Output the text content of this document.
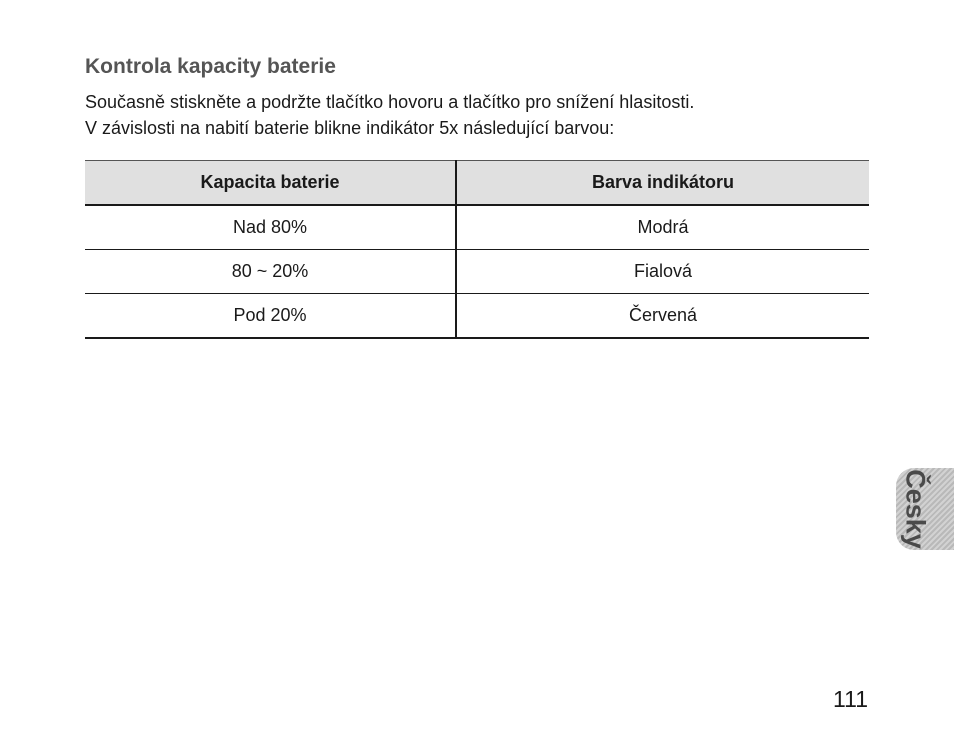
Kontrola kapacity baterie

Současně stiskněte a podržte tlačítko hovoru a tlačítko pro snížení hlasitosti.

V závislosti na nabití baterie blikne indikátor 5x následující barvou:

Kapacita baterie	Barva indikátoru
Nad 80%	Modrá
80 ~ 20%	Fialová
Pod 20%	Červená
Česky
111
